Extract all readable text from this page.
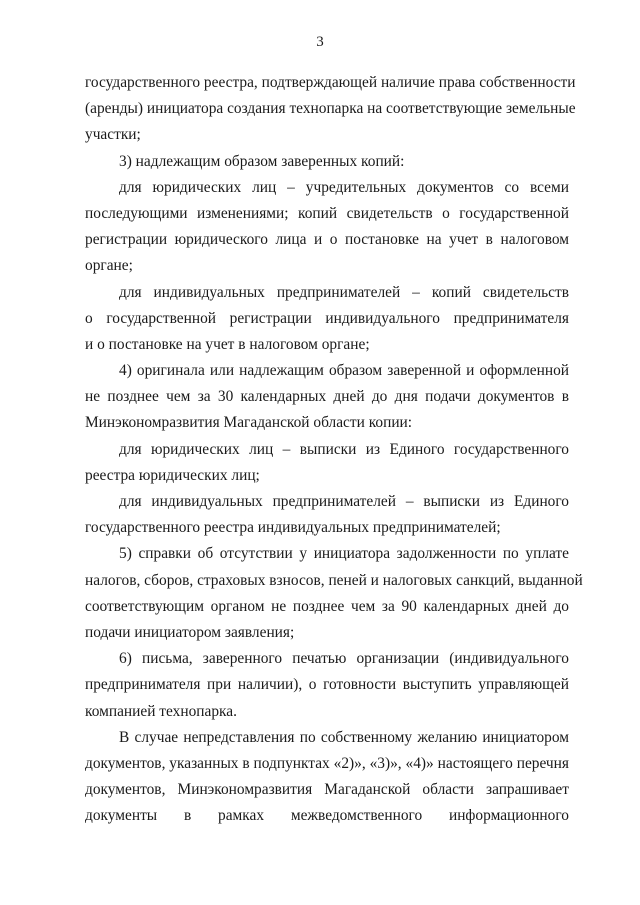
3
государственного реестра, подтверждающей наличие права собственности
(аренды) инициатора создания технопарка на соответствующие земельные
участки;
3) надлежащим образом заверенных копий:
для юридических лиц – учредительных документов со всеми
последующими изменениями; копий свидетельств о государственной
регистрации юридического лица и о постановке на учет в налоговом
органе;
для индивидуальных предпринимателей – копий свидетельств
о государственной регистрации индивидуального предпринимателя
и о постановке на учет в налоговом органе;
4) оригинала или надлежащим образом заверенной и оформленной
не позднее чем за 30 календарных дней до дня подачи документов в
Минэкономразвития Магаданской области копии:
для юридических лиц – выписки из Единого государственного
реестра юридических лиц;
для индивидуальных предпринимателей – выписки из Единого
государственного реестра индивидуальных предпринимателей;
5) справки об отсутствии у инициатора задолженности по уплате
налогов, сборов, страховых взносов, пеней и налоговых санкций, выданной
соответствующим органом не позднее чем за 90 календарных дней до
подачи инициатором заявления;
6) письма, заверенного печатью организации (индивидуального
предпринимателя при наличии), о готовности выступить управляющей
компанией технопарка.
В случае непредставления по собственному желанию инициатором
документов, указанных в подпунктах «2)», «3)», «4)» настоящего перечня
документов, Минэкономразвития Магаданской области запрашивает
документы в рамках межведомственного информационного
